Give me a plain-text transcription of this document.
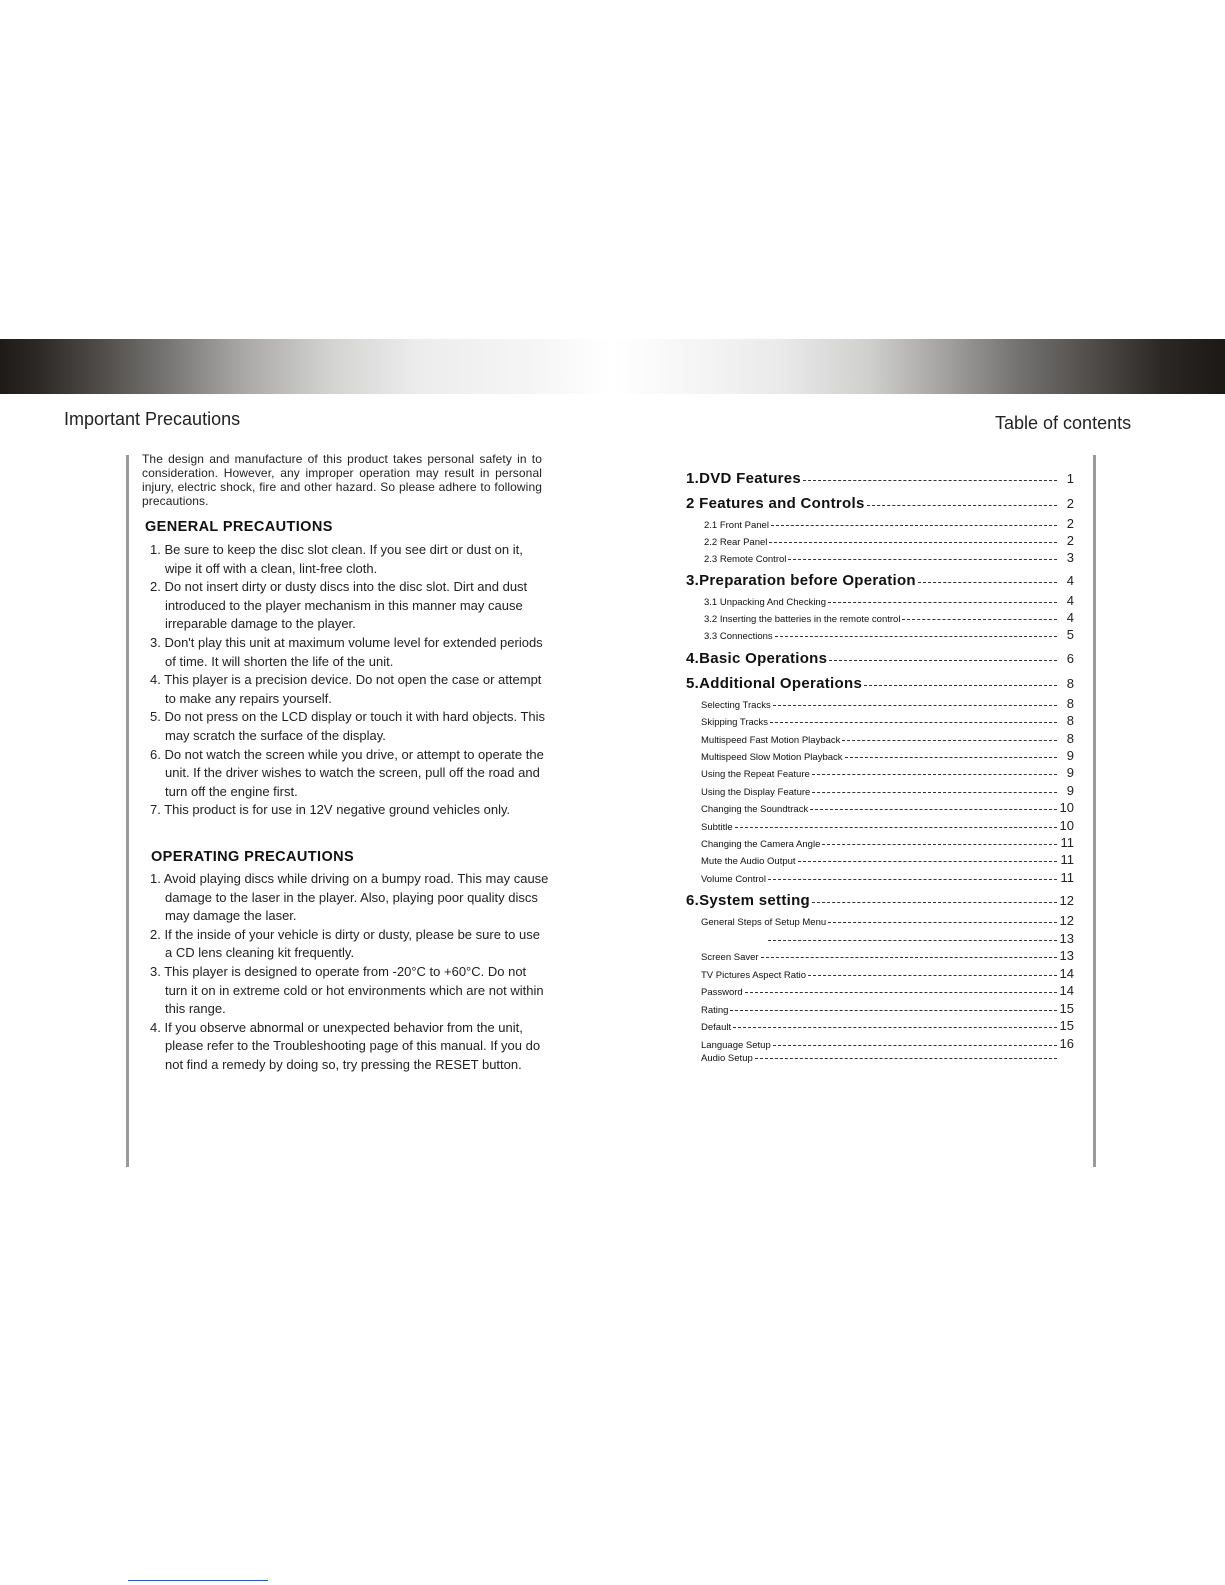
Important Precautions	Table of contents

The design and manufacture of this product takes personal safety in to consideration. However, any improper operation may result in personal injury, electric shock, fire and other hazard. So please adhere to following precautions.

GENERAL PRECAUTIONS
1. Be sure to keep the disc slot clean. If you see dirt or dust on it, wipe it off with a clean, lint-free cloth.
2. Do not insert dirty or dusty discs into the disc slot. Dirt and dust introduced to the player mechanism in this manner may cause irreparable damage to the player.
3. Don't play this unit at maximum volume level for extended periods of time. It will shorten the life of the unit.
4. This player is a precision device. Do not open the case or attempt to make any repairs yourself.
5. Do not press on the LCD display or touch it with hard objects. This may scratch the surface of the display.
6. Do not watch the screen while you drive, or attempt to operate the unit. If the driver wishes to watch the screen, pull off the road and turn off the engine first.
7. This product is for use in 12V negative ground vehicles only.
OPERATING PRECAUTIONS
1. Avoid playing discs while driving on a bumpy road. This may cause damage to the laser in the player. Also, playing poor quality discs may damage the laser.
2. If the inside of your vehicle is dirty or dusty, please be sure to use a CD lens cleaning kit frequently.
3. This player is designed to operate from -20°C to +60°C. Do not turn it on in extreme cold or hot environments which are not within this range.
4. If you observe abnormal or unexpected behavior from the unit, please refer to the Troubleshooting page of this manual. If you do not find a remedy by doing so, try pressing the RESET button.
1.DVD Features	1
2 Features and Controls	2
2.1 Front Panel	2
2.2 Rear Panel	2
2.3 Remote Control	3
3.Preparation before Operation	4
3.1 Unpacking And Checking	4
3.2 Inserting the batteries in the remote control	4
3.3 Connections	5
4.Basic Operations	6
5.Additional Operations	8
Selecting Tracks	8
Skipping Tracks	8
Multispeed Fast Motion Playback	8
Multispeed Slow Motion Playback	9
Using the Repeat Feature	9
Using the Display Feature	9
Changing the Soundtrack	10
Subtitle	10
Changing the Camera Angle	11
Mute the Audio Output	11
Volume Control	11
6.System setting	12
General Steps of Setup Menu	12
13
Screen Saver	13
TV Pictures Aspect Ratio	14
Password	14
Rating	15
Default	15
Language Setup	16
Audio Setup
